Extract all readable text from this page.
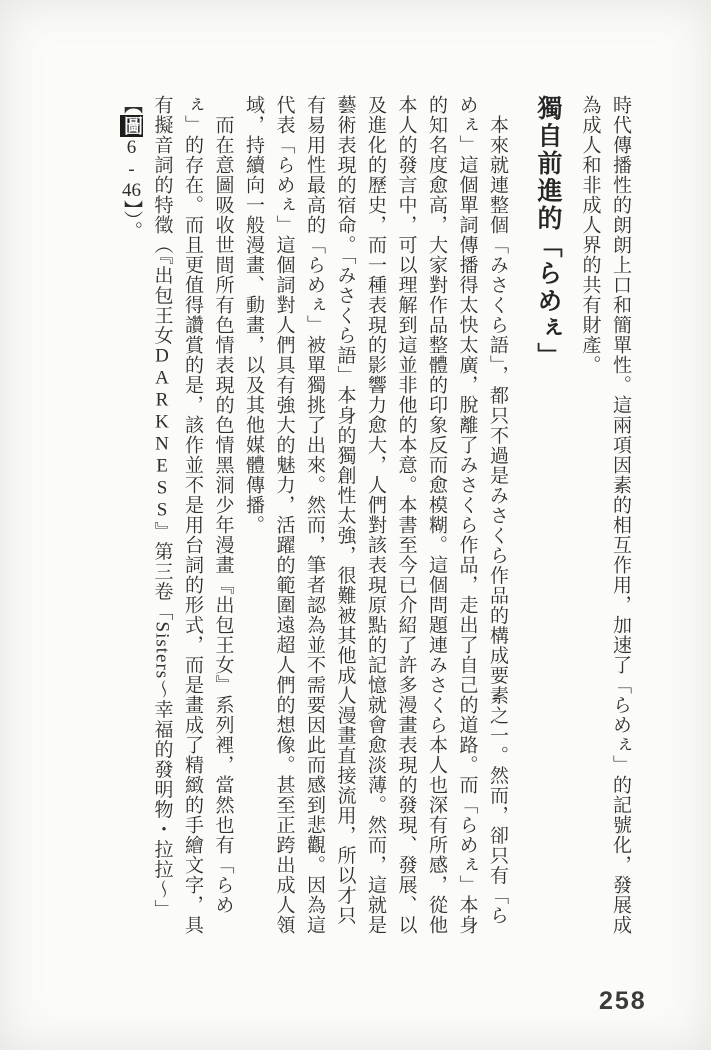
時代傳播性的朗朗上口和簡單性。這兩項因素的相互作用，加速了「らめぇ」的記號化，發展成為成人和非成人界的共有財產。

獨自前進的「らめぇ」

　本來就連整個「みさくら語」，都只不過是みさくら作品的構成要素之一。然而，卻只有「らめぇ」這個單詞傳播得太快太廣，脫離了みさくら作品，走出了自己的道路。而「らめぇ」本身的知名度愈高，大家對作品整體的印象反而愈模糊。這個問題連みさくら本人也深有所感，從他本人的發言中，可以理解到這並非他的本意。本書至今已介紹了許多漫畫表現的發現、發展、以及進化的歷史，而一種表現的影響力愈大，人們對該表現原點的記憶就會愈淡薄。然而，這就是藝術表現的宿命。「みさくら語」本身的獨創性太強，很難被其他成人漫畫直接流用，所以才只有易用性最高的「らめぇ」被單獨挑了出來。然而，筆者認為並不需要因此而感到悲觀。因為這代表「らめぇ」這個詞對人們具有強大的魅力，活躍的範圍遠超人們的想像。甚至正跨出成人領域，持續向一般漫畫、動畫，以及其他媒體傳播。

　而在意圖吸收世間所有色情表現的色情黑洞少年漫畫『出包王女』系列裡，當然也有「らめぇ」的存在。而且更值得讚賞的是，該作並不是用台詞的形式，而是畫成了精緻的手繪文字，具有擬音詞的特徵（『出包王女DARKNESS』第三卷「Sisters～幸福的發明物・拉拉～」【圖6-46】）。

258
